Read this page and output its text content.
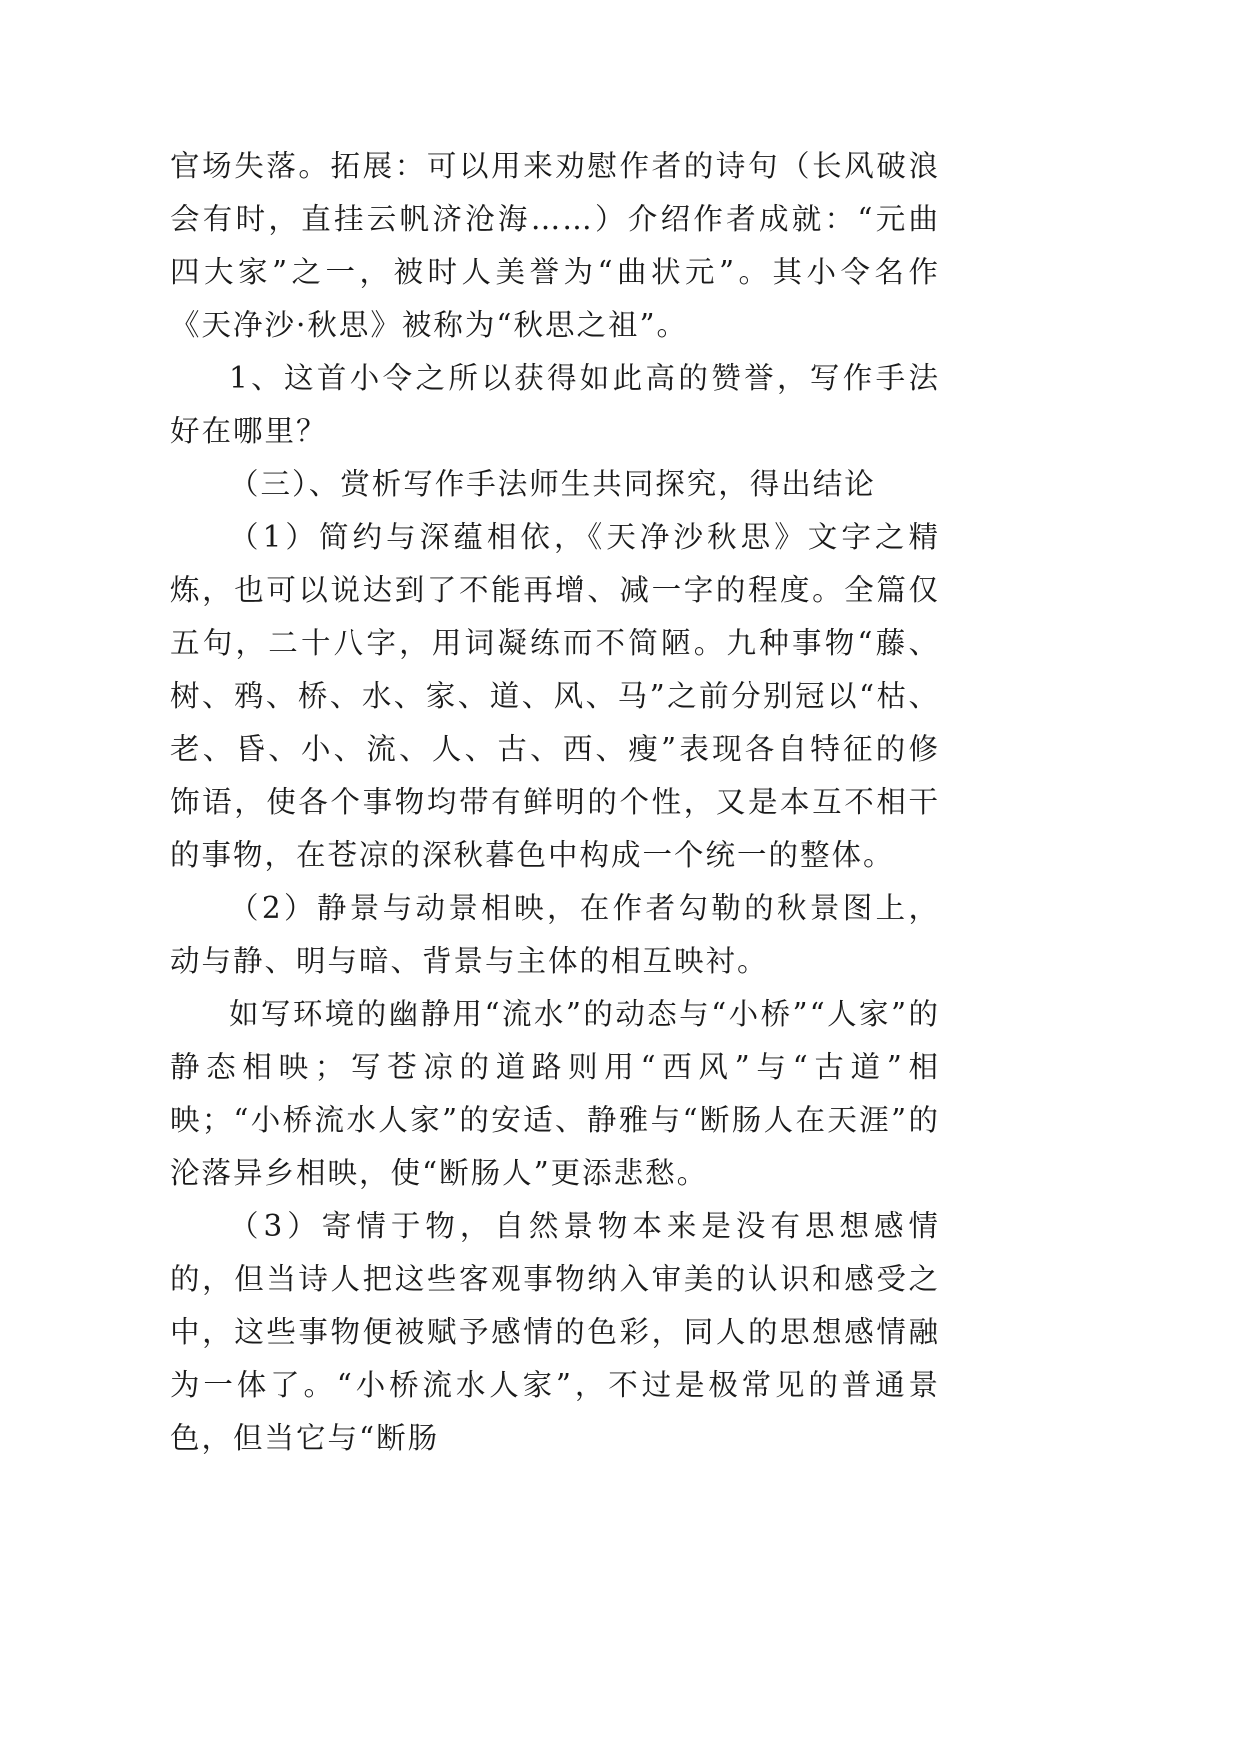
官场失落。拓展：可以用来劝慰作者的诗句（长风破浪会有时，直挂云帆济沧海……）介绍作者成就：“元曲四大家”之一，被时人美誉为“曲状元”。其小令名作《天净沙·秋思》被称为“秋思之祖”。

1、这首小令之所以获得如此高的赞誉，写作手法好在哪里？

（三）、赏析写作手法师生共同探究，得出结论

（1）简约与深蕴相依，《天净沙秋思》文字之精炼，也可以说达到了不能再增、减一字的程度。全篇仅五句，二十八字，用词凝练而不简陋。九种事物“藤、树、鸦、桥、水、家、道、风、马”之前分别冠以“枯、老、昏、小、流、人、古、西、瘦”表现各自特征的修饰语，使各个事物均带有鲜明的个性，又是本互不相干的事物，在苍凉的深秋暮色中构成一个统一的整体。

（2）静景与动景相映，在作者勾勒的秋景图上，动与静、明与暗、背景与主体的相互映衬。

如写环境的幽静用“流水”的动态与“小桥”“人家”的静态相映；写苍凉的道路则用“西风”与“古道”相映；“小桥流水人家”的安适、静雅与“断肠人在天涯”的沦落异乡相映，使“断肠人”更添悲愁。

（3）寄情于物，自然景物本来是没有思想感情的，但当诗人把这些客观事物纳入审美的认识和感受之中，这些事物便被赋予感情的色彩，同人的思想感情融为一体了。“小桥流水人家”，不过是极常见的普通景色，但当它与“断肠
